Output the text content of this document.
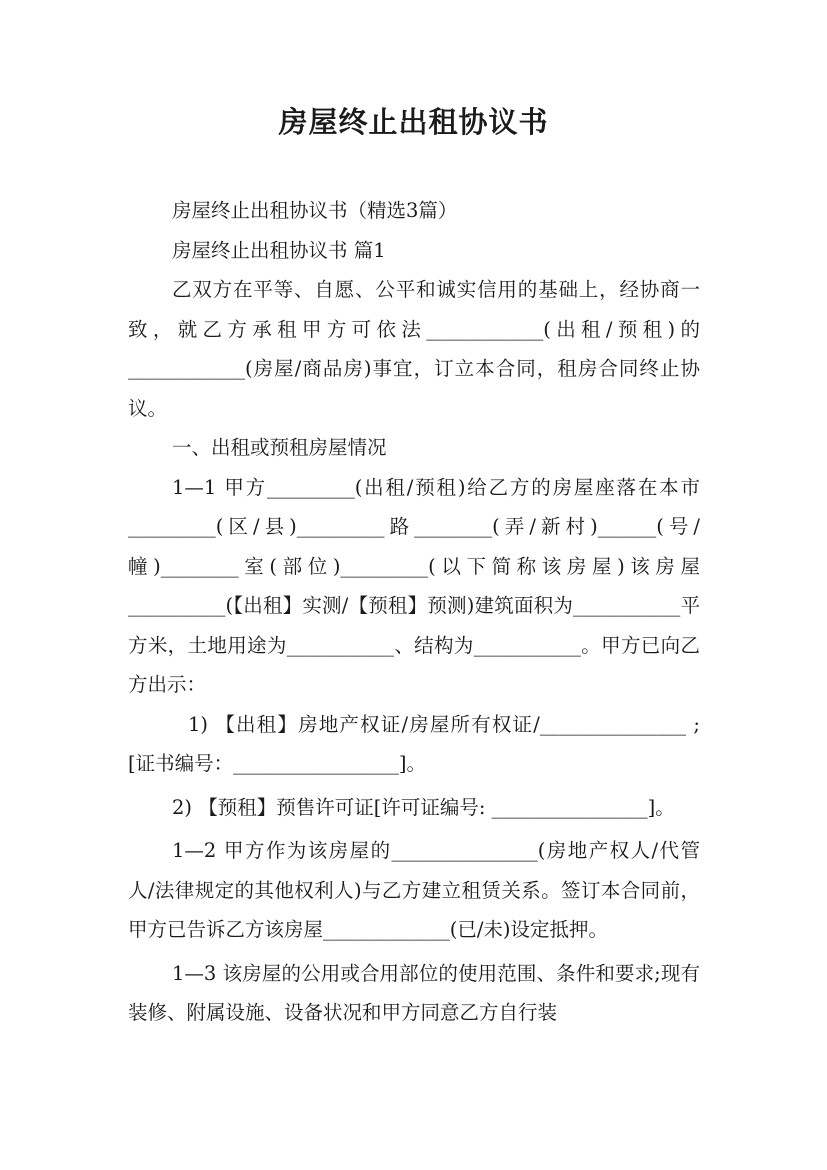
房屋终止出租协议书

房屋终止出租协议书（精选3篇）

房屋终止出租协议书 篇1

乙双方在平等、自愿、公平和诚实信用的基础上，经协商一致，就乙方承租甲方可依法____________(出租/预租)的____________(房屋/商品房)事宜，订立本合同，租房合同终止协议。

一、出租或预租房屋情况

1—1 甲方_________(出租/预租)给乙方的房屋座落在本市_________(区/县)_________路________(弄/新村)______(号/幢)________室(部位)_________(以下简称该房屋)该房屋__________(【出租】实测/【预租】预测)建筑面积为___________平方米，土地用途为___________、结构为___________。甲方已向乙方出示：

1) 【出租】房地产权证/房屋所有权证/_______________ ;[证书编号：_________________]。

2) 【预租】预售许可证[许可证编号: ________________]。

1—2 甲方作为该房屋的_______________(房地产权人/代管人/法律规定的其他权利人)与乙方建立租赁关系。签订本合同前，甲方已告诉乙方该房屋_____________(已/未)设定抵押。

1—3 该房屋的公用或合用部位的使用范围、条件和要求;现有装修、附属设施、设备状况和甲方同意乙方自行装
